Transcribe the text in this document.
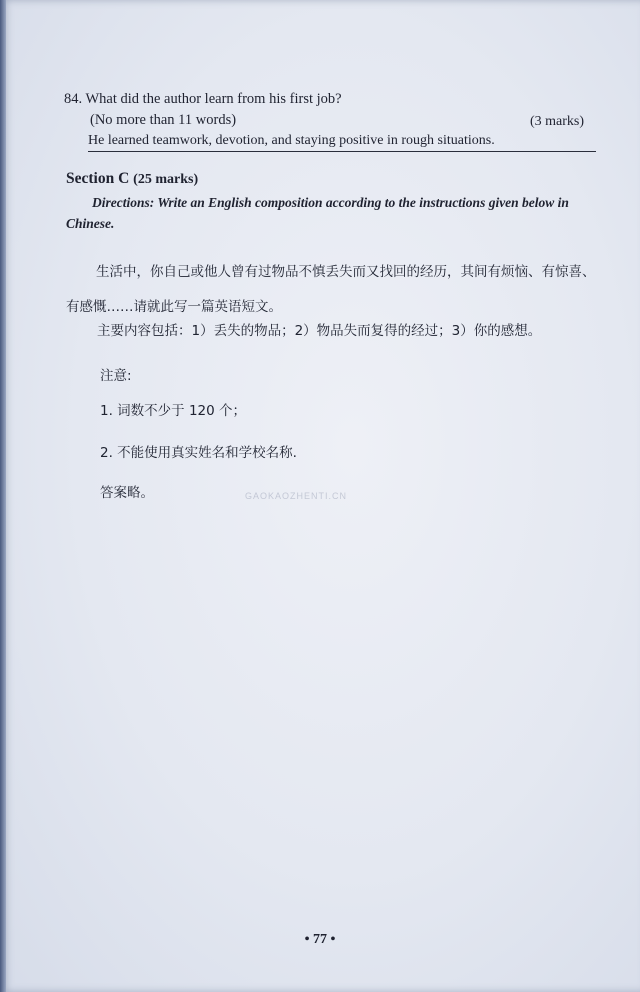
84. What did the author learn from his first job?
(No more than 11 words)	(3 marks)
He learned teamwork, devotion, and staying positive in rough situations.
Section C (25 marks)
Directions: Write an English composition according to the instructions given below in Chinese.
生活中，你自己或他人曾有过物品不慎丢失而又找回的经历，其间有烦恼、有惊喜、有感慨……请就此写一篇英语短文。
主要内容包括：1）丢失的物品；2）物品失而复得的经过；3）你的感想。
注意:
1. 词数不少于 120 个；
2. 不能使用真实姓名和学校名称.
答案略。	GAOKAOZHENTI.CN
• 77 •
